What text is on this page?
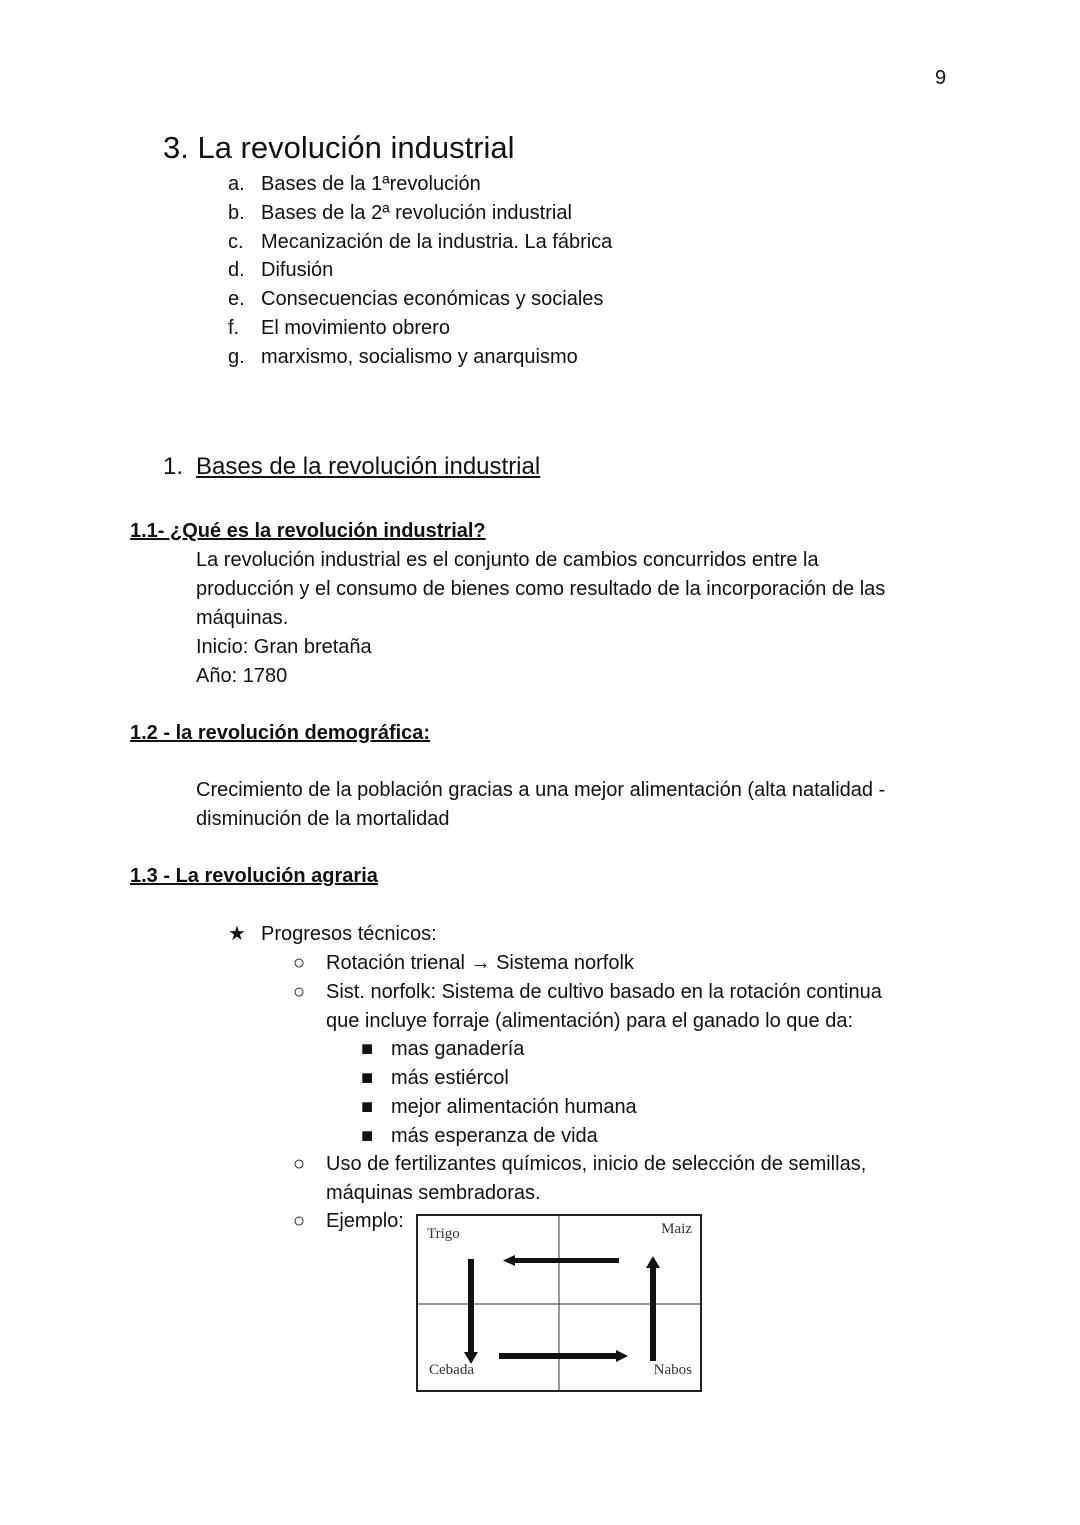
9
3. La revolución industrial
a. Bases de la 1ªrevolución
b. Bases de la 2ª revolución industrial
c. Mecanización de la industria. La fábrica
d. Difusión
e. Consecuencias económicas y sociales
f. El movimiento obrero
g. marxismo, socialismo y anarquismo
1. Bases de la revolución industrial
1.1- ¿Qué es la revolución industrial?
La revolución industrial es el conjunto de cambios concurridos entre la
producción y el consumo de bienes como resultado de la incorporación de las
máquinas.
Inicio: Gran bretaña
Año: 1780
1.2 - la revolución demográfica:
Crecimiento de la población gracias a una mejor alimentación (alta natalidad -
disminución de la mortalidad
1.3 - La revolución agraria
★ Progresos técnicos:
○ Rotación trienal → Sistema norfolk
○ Sist. norfolk: Sistema de cultivo basado en la rotación continua
que incluye forraje (alimentación) para el ganado lo que da:
■ mas ganadería
■ más estiércol
■ mejor alimentación humana
■ más esperanza de vida
○ Uso de fertilizantes químicos, inicio de selección de semillas,
máquinas sembradoras.
○ Ejemplo:
Trigo	Maiz
Cebada	Nabos
